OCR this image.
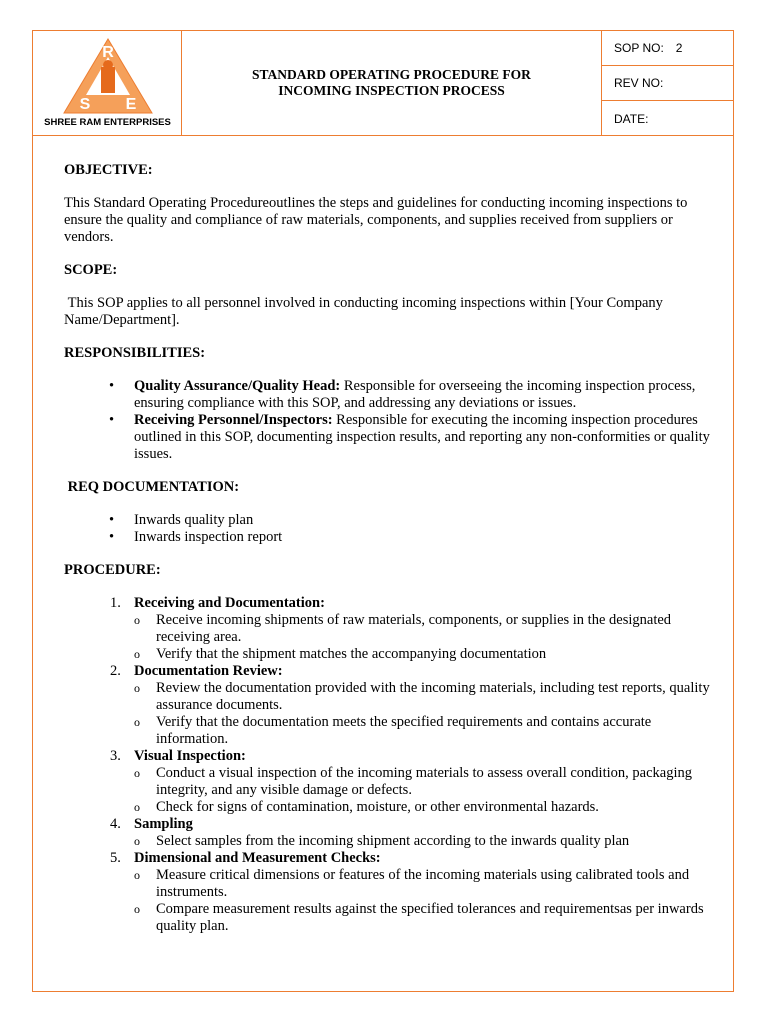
R
S E
SHREE RAM ENTERPRISES
STANDARD OPERATING PROCEDURE FOR
INCOMING INSPECTION PROCESS
SOP NO: 2
REV NO:
DATE:

OBJECTIVE:

This Standard Operating Procedureoutlines the steps and guidelines for conducting incoming inspections to ensure the quality and compliance of raw materials, components, and supplies received from suppliers or vendors.

SCOPE:

This SOP applies to all personnel involved in conducting incoming inspections within [Your Company Name/Department].

RESPONSIBILITIES:

• Quality Assurance/Quality Head: Responsible for overseeing the incoming inspection process, ensuring compliance with this SOP, and addressing any deviations or issues.
• Receiving Personnel/Inspectors: Responsible for executing the incoming inspection procedures outlined in this SOP, documenting inspection results, and reporting any non-conformities or quality issues.

REQ DOCUMENTATION:

• Inwards quality plan
• Inwards inspection report

PROCEDURE:

1. Receiving and Documentation:
o Receive incoming shipments of raw materials, components, or supplies in the designated receiving area.
o Verify that the shipment matches the accompanying documentation
2. Documentation Review:
o Review the documentation provided with the incoming materials, including test reports, quality assurance documents.
o Verify that the documentation meets the specified requirements and contains accurate information.
3. Visual Inspection:
o Conduct a visual inspection of the incoming materials to assess overall condition, packaging integrity, and any visible damage or defects.
o Check for signs of contamination, moisture, or other environmental hazards.
4. Sampling
o Select samples from the incoming shipment according to the inwards quality plan
5. Dimensional and Measurement Checks:
o Measure critical dimensions or features of the incoming materials using calibrated tools and instruments.
o Compare measurement results against the specified tolerances and requirementsas per inwards quality plan.
